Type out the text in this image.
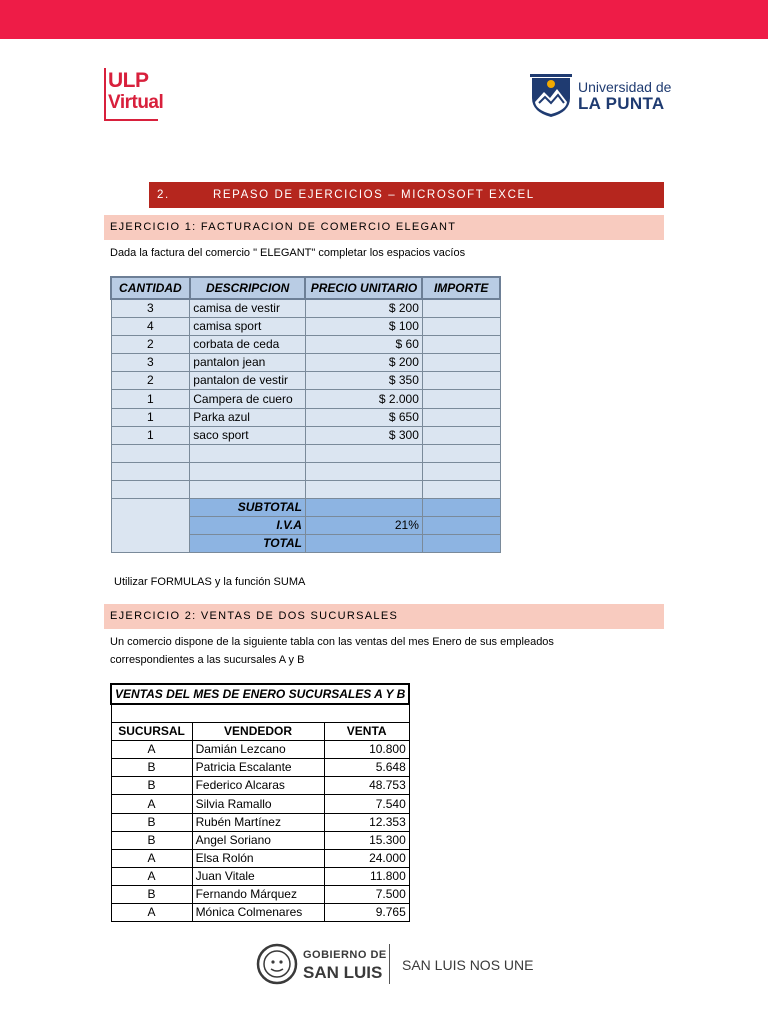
ULP
Virtual
Universidad de
LA PUNTA
2.	REPASO DE EJERCICIOS – MICROSOFT EXCEL
EJERCICIO 1: FACTURACION DE COMERCIO ELEGANT
Dada la factura del comercio " ELEGANT" completar los espacios vacíos
CANTIDAD	DESCRIPCION	PRECIO UNITARIO	IMPORTE
3	camisa de vestir	$ 200	
4	camisa sport	$ 100	
2	corbata de ceda	$ 60	
3	pantalon jean	$ 200	
2	pantalon de vestir	$ 350	
1	Campera de cuero	$ 2.000	
1	Parka azul	$ 650	
1	saco sport	$ 300	

	SUBTOTAL		
	I.V.A	21%	
	TOTAL		
Utilizar FORMULAS y la función SUMA
EJERCICIO 2: VENTAS DE DOS SUCURSALES
Un comercio dispone de la siguiente tabla con las ventas del mes Enero de sus empleados
correspondientes a las sucursales A y B
VENTAS DEL MES DE ENERO SUCURSALES A Y B		

SUCURSAL	VENDEDOR	VENTA
A	Damián Lezcano	10.800
B	Patricia Escalante	5.648
B	Federico Alcaras	48.753
A	Silvia Ramallo	7.540
B	Rubén Martínez	12.353
B	Angel Soriano	15.300
A	Elsa Rolón	24.000
A	Juan Vitale	11.800
B	Fernando Márquez	7.500
A	Mónica Colmenares	9.765
GOBIERNO DE
SAN LUIS SAN LUIS NOS UNE
